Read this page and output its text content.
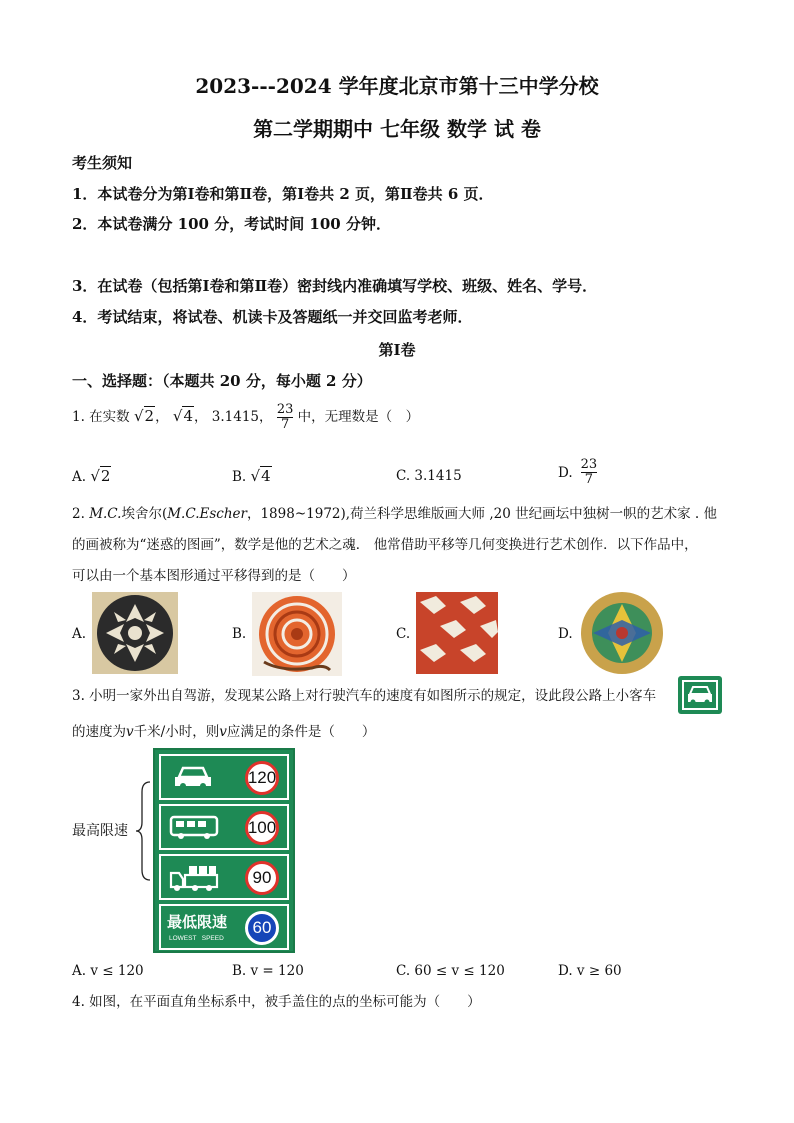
2023---2024 学年度北京市第十三中学分校
第二学期期中 七年级 数学 试 卷
考生须知
1．本试卷分为第Ⅰ卷和第Ⅱ卷，第Ⅰ卷共 2 页，第Ⅱ卷共 6 页．
2．本试卷满分 100 分，考试时间 100 分钟．
3．在试卷（包括第Ⅰ卷和第Ⅱ卷）密封线内准确填写学校、班级、姓名、学号．
4．考试结束，将试卷、机读卡及答题纸一并交回监考老师．
第Ⅰ卷
一、选择题：（本题共 20 分，每小题 2 分）
1. 在实数 √2， √4， 3.1415， $\frac{23}{7}$ 中，无理数是（　）
A. √2	B. √4	C. 3.1415	D. $\frac{23}{7}$
2. M.C.埃舍尔(M.C.Escher，1898~1972),荷兰科学思维版画大师 ,20 世纪画坛中独树一帜的艺术家 . 他
的画被称为“迷惑的图画”，数学是他的艺术之魂． 他常借助平移等几何变换进行艺术创作．以下作品中，
可以由一个基本图形通过平移得到的是（　　）
A.	B.	C.	D.
3. 小明一家外出自驾游，发现某公路上对行驶汽车的速度有如图所示的规定，设此段公路上小客车
的速度为v千米/小时，则v应满足的条件是（　　）
最高限速
120
100
90
最低限速
LOWEST   SPEED
60
A. v ≤ 120	B. v = 120	C. 60 ≤ v ≤ 120	D. v ≥ 60
4. 如图，在平面直角坐标系中，被手盖住的点的坐标可能为（　　）
